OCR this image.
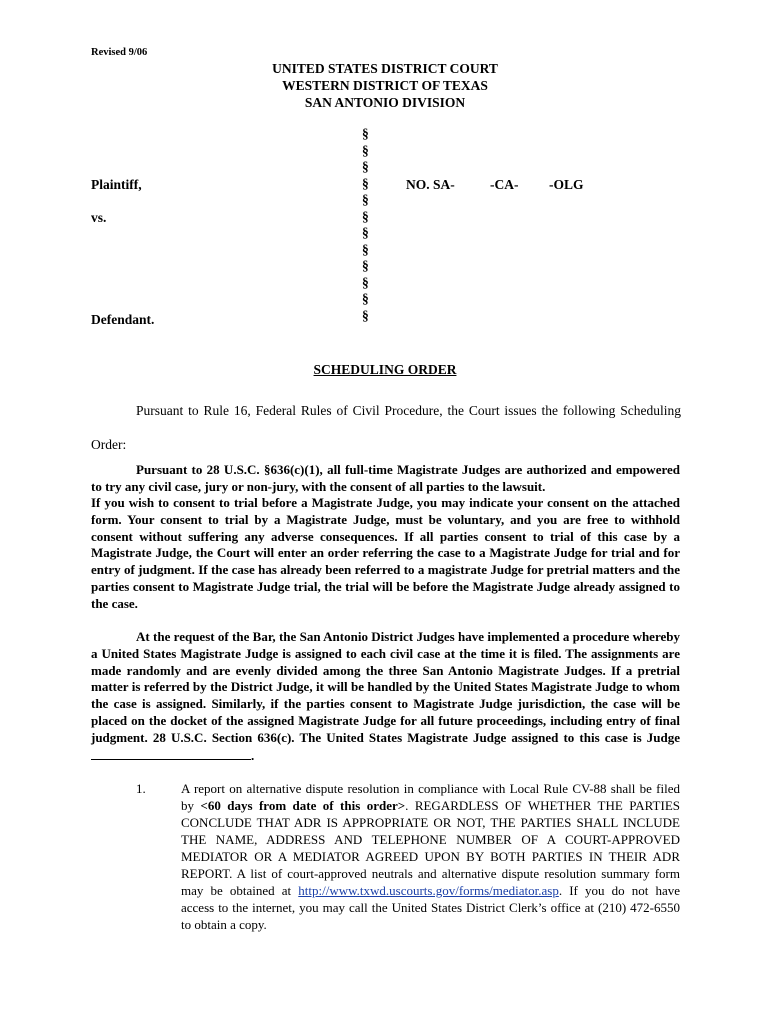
Revised 9/06
UNITED STATES DISTRICT COURT
WESTERN DISTRICT OF TEXAS
SAN ANTONIO DIVISION
§
§
§
§
§
§
§
§
§
§
§
§
Plaintiff,
vs.
Defendant.
NO. SA-	-CA- -OLG
SCHEDULING ORDER
Pursuant to Rule 16, Federal Rules of Civil Procedure, the Court issues the following Scheduling Order:
Pursuant to 28 U.S.C. §636(c)(1), all full-time Magistrate Judges are authorized and empowered to try any civil case, jury or non-jury, with the consent of all parties to the lawsuit.
If you wish to consent to trial before a Magistrate Judge, you may indicate your consent on the attached form. Your consent to trial by a Magistrate Judge, must be voluntary, and you are free to withhold consent without suffering any adverse consequences. If all parties consent to trial of this case by a Magistrate Judge, the Court will enter an order referring the case to a Magistrate Judge for trial and for entry of judgment. If the case has already been referred to a magistrate Judge for pretrial matters and the parties consent to Magistrate Judge trial, the trial will be before the Magistrate Judge already assigned to the case.
At the request of the Bar, the San Antonio District Judges have implemented a procedure whereby a United States Magistrate Judge is assigned to each civil case at the time it is filed. The assignments are made randomly and are evenly divided among the three San Antonio Magistrate Judges. If a pretrial matter is referred by the District Judge, it will be handled by the United States Magistrate Judge to whom the case is assigned. Similarly, if the parties consent to Magistrate Judge jurisdiction, the case will be placed on the docket of the assigned Magistrate Judge for all future proceedings, including entry of final judgment. 28 U.S.C. Section 636(c). The United States Magistrate Judge assigned to this case is Judge .
1.	A report on alternative dispute resolution in compliance with Local Rule CV-88 shall be filed by <60 days from date of this order>. REGARDLESS OF WHETHER THE PARTIES CONCLUDE THAT ADR IS APPROPRIATE OR NOT, THE PARTIES SHALL INCLUDE THE NAME, ADDRESS AND TELEPHONE NUMBER OF A COURT-APPROVED MEDIATOR OR A MEDIATOR AGREED UPON BY BOTH PARTIES IN THEIR ADR REPORT. A list of court-approved neutrals and alternative dispute resolution summary form may be obtained at http://www.txwd.uscourts.gov/forms/mediator.asp. If you do not have access to the internet, you may call the United States District Clerk’s office at (210) 472-6550 to obtain a copy.
